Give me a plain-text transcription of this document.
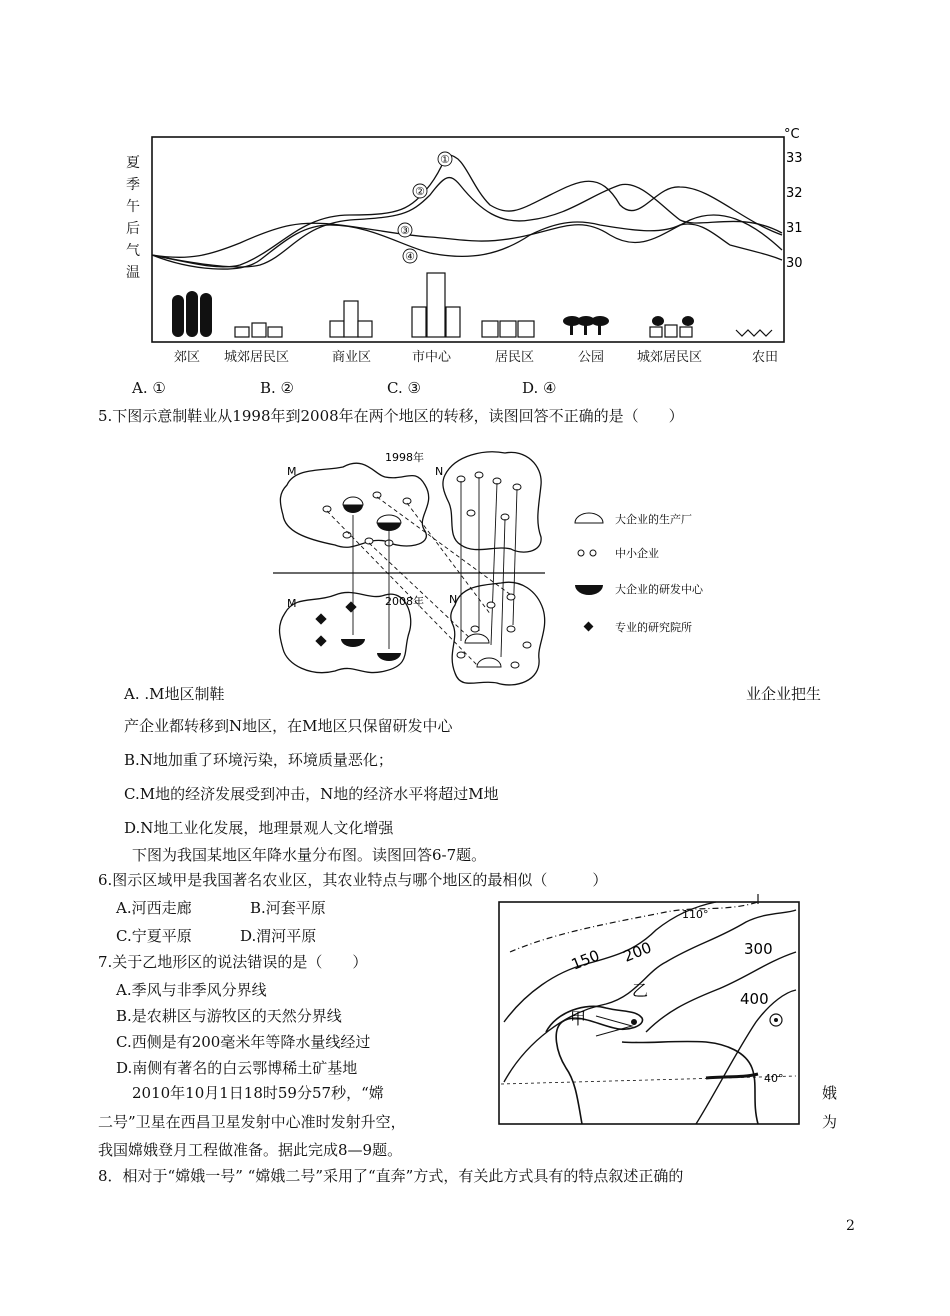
夏
季
午
后
气
温
°C
33
32
31
30
①
②
③
④
郊区 城郊居民区	商业区	市中心	居民区	公园	城郊居民区	农田
A. ①	B. ②	C. ③	D. ④
5.下图示意制鞋业从1998年到2008年在两个地区的转移，读图回答不正确的是（　　）
1998年
2008年
M	N
M	N
大企业的生产厂
中小企业
大企业的研发中心
专业的研究院所
A. .M地区制鞋	业企业把生
产企业都转移到N地区，在M地区只保留研发中心
B.N地加重了环境污染，环境质量恶化；
C.M地的经济发展受到冲击，N地的经济水平将超过M地
D.N地工业化发展，地理景观人文化增强
下图为我国某地区年降水量分布图。读图回答6-7题。
6.图示区域甲是我国著名农业区，其农业特点与哪个地区的最相似（　　　）
A.河西走廊	B.河套平原
C.宁夏平原	D.渭河平原
7.关于乙地形区的说法错误的是（　　）
A.季风与非季风分界线
B.是农耕区与游牧区的天然分界线
C.西侧是有200毫米年等降水量线经过
D.南侧有著名的白云鄂博稀土矿基地
150 200	300
400
甲
乙
110°
40°
2010年10月1日18时59分57秒，“嫦	娥
二号”卫星在西昌卫星发射中心准时发射升空，	为
我国嫦娥登月工程做准备。据此完成8—9题。
8．相对于“嫦娥一号” “嫦娥二号”采用了“直奔”方式，有关此方式具有的特点叙述正确的
2
